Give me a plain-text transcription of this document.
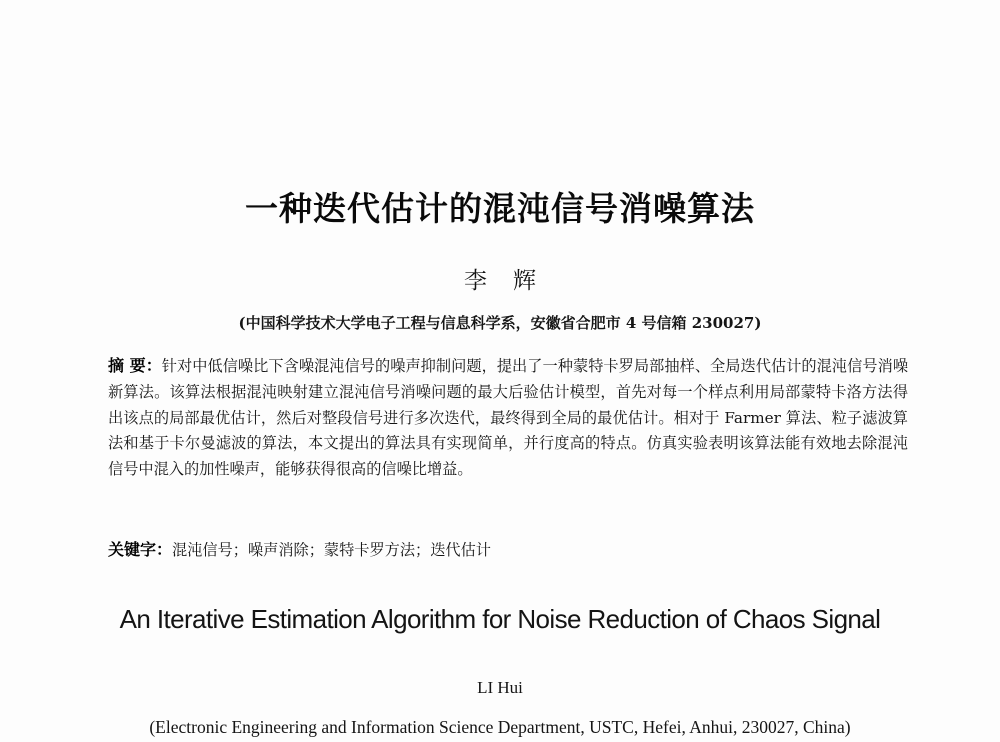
一种迭代估计的混沌信号消噪算法
李辉
(中国科学技术大学电子工程与信息科学系，安徽省合肥市 4 号信箱 230027)
摘 要：针对中低信噪比下含噪混沌信号的噪声抑制问题，提出了一种蒙特卡罗局部抽样、全局迭代估计的混沌信号消噪新算法。该算法根据混沌映射建立混沌信号消噪问题的最大后验估计模型，首先对每一个样点利用局部蒙特卡洛方法得出该点的局部最优估计，然后对整段信号进行多次迭代，最终得到全局的最优估计。相对于 Farmer 算法、粒子滤波算法和基于卡尔曼滤波的算法，本文提出的算法具有实现简单，并行度高的特点。仿真实验表明该算法能有效地去除混沌信号中混入的加性噪声，能够获得很高的信噪比增益。
关键字：混沌信号；噪声消除；蒙特卡罗方法；迭代估计
An Iterative Estimation Algorithm for Noise Reduction of Chaos Signal
LI Hui
(Electronic Engineering and Information Science Department, USTC, Hefei, Anhui, 230027, China)
